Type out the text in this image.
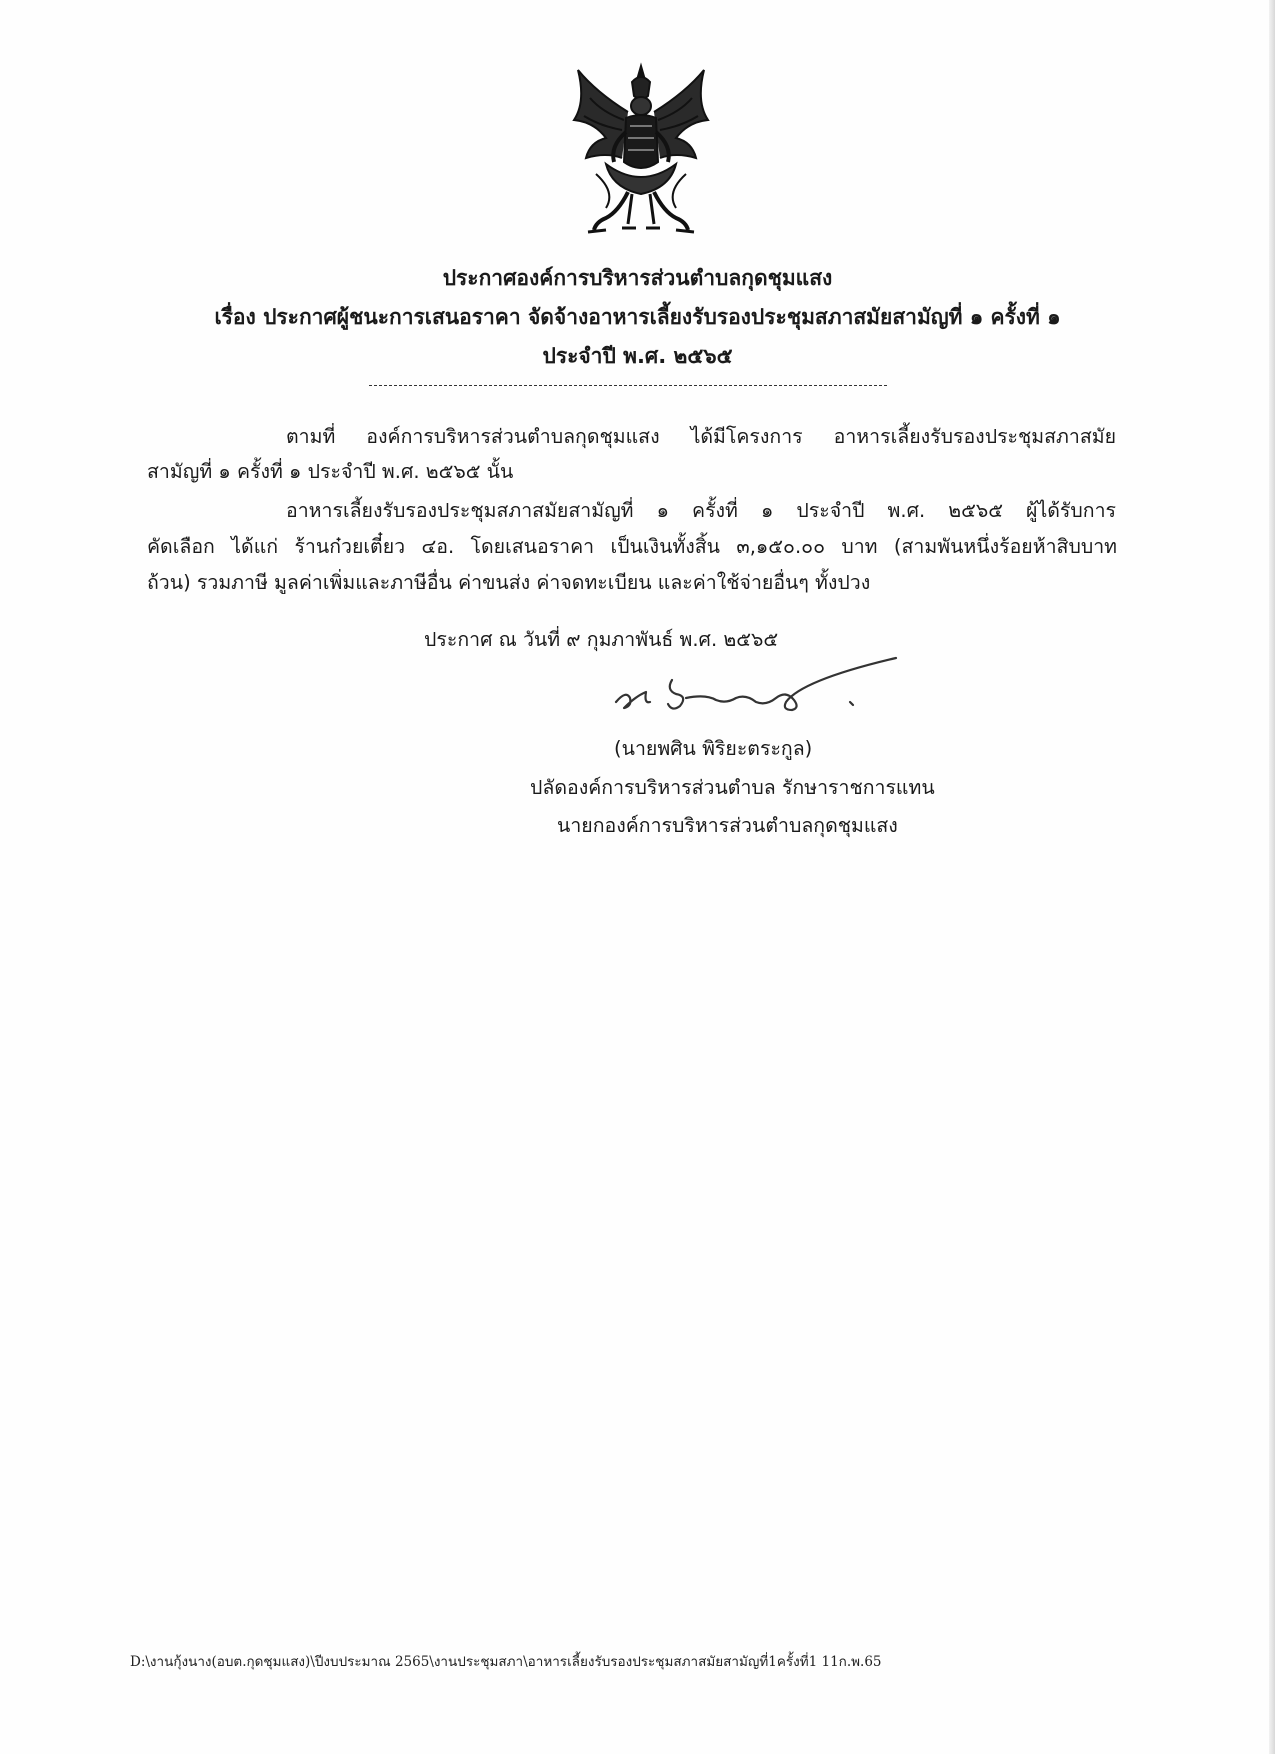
ประกาศองค์การบริหารส่วนตำบลกุดชุมแสง
เรื่อง ประกาศผู้ชนะการเสนอราคา จัดจ้างอาหารเลี้ยงรับรองประชุมสภาสมัยสามัญที่ ๑ ครั้งที่ ๑
ประจำปี พ.ศ. ๒๕๖๕
ตามที่ องค์การบริหารส่วนตำบลกุดชุมแสง ได้มีโครงการ อาหารเลี้ยงรับรองประชุมสภาสมัย
สามัญที่ ๑ ครั้งที่ ๑ ประจำปี พ.ศ. ๒๕๖๕ นั้น
อาหารเลี้ยงรับรองประชุมสภาสมัยสามัญที่ ๑ ครั้งที่ ๑ ประจำปี พ.ศ. ๒๕๖๕ ผู้ได้รับการ
คัดเลือก ได้แก่ ร้านก๋วยเตี๋ยว ๔อ. โดยเสนอราคา เป็นเงินทั้งสิ้น ๓,๑๕๐.๐๐ บาท (สามพันหนึ่งร้อยห้าสิบบาท
ถ้วน) รวมภาษี มูลค่าเพิ่มและภาษีอื่น ค่าขนส่ง ค่าจดทะเบียน และค่าใช้จ่ายอื่นๆ ทั้งปวง
ประกาศ ณ วันที่ ๙ กุมภาพันธ์ พ.ศ. ๒๕๖๕
(นายพศิน พิริยะตระกูล)
ปลัดองค์การบริหารส่วนตำบล รักษาราชการแทน
นายกองค์การบริหารส่วนตำบลกุดชุมแสง
D:\งานกุ้งนาง(อบต.กุดชุมแสง)\ปีงบประมาณ 2565\งานประชุมสภา\อาหารเลี้ยงรับรองประชุมสภาสมัยสามัญที่1ครั้งที่1 11ก.พ.65
